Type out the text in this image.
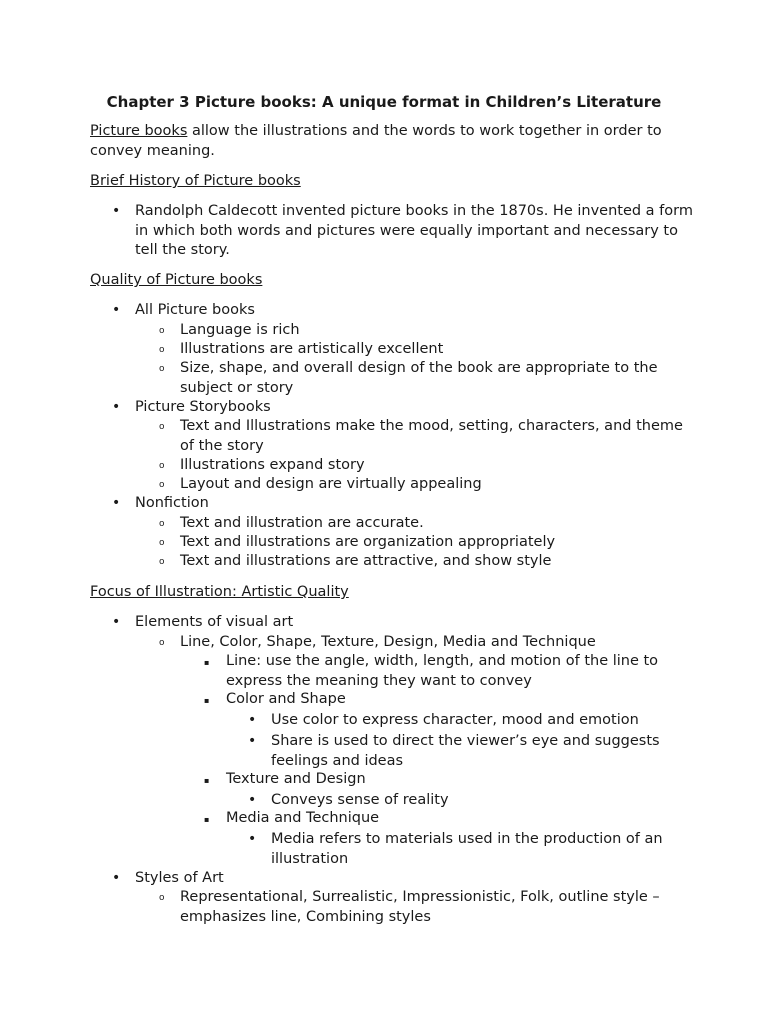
Chapter 3 Picture books: A unique format in Children’s Literature

Picture books allow the illustrations and the words to work together in order to convey meaning.

Brief History of Picture books

• Randolph Caldecott invented picture books in the 1870s. He invented a form in which both words and pictures were equally important and necessary to tell the story.

Quality of Picture books

• All Picture books

o Language is rich

o Illustrations are artistically excellent

o Size, shape, and overall design of the book are appropriate to the subject or story

• Picture Storybooks

o Text and Illustrations make the mood, setting, characters, and theme of the story

o Illustrations expand story

o Layout and design are virtually appealing

• Nonfiction

o Text and illustration are accurate.

o Text and illustrations are organization appropriately

o Text and illustrations are attractive, and show style

Focus of Illustration: Artistic Quality

• Elements of visual art

o Line, Color, Shape, Texture, Design, Media and Technique

▪ Line: use the angle, width, length, and motion of the line to express the meaning they want to convey

▪ Color and Shape

• Use color to express character, mood and emotion

• Share is used to direct the viewer’s eye and suggests feelings and ideas

▪ Texture and Design

• Conveys sense of reality

▪ Media and Technique

• Media refers to materials used in the production of an illustration

• Styles of Art

o Representational, Surrealistic, Impressionistic, Folk, outline style – emphasizes line, Combining styles
